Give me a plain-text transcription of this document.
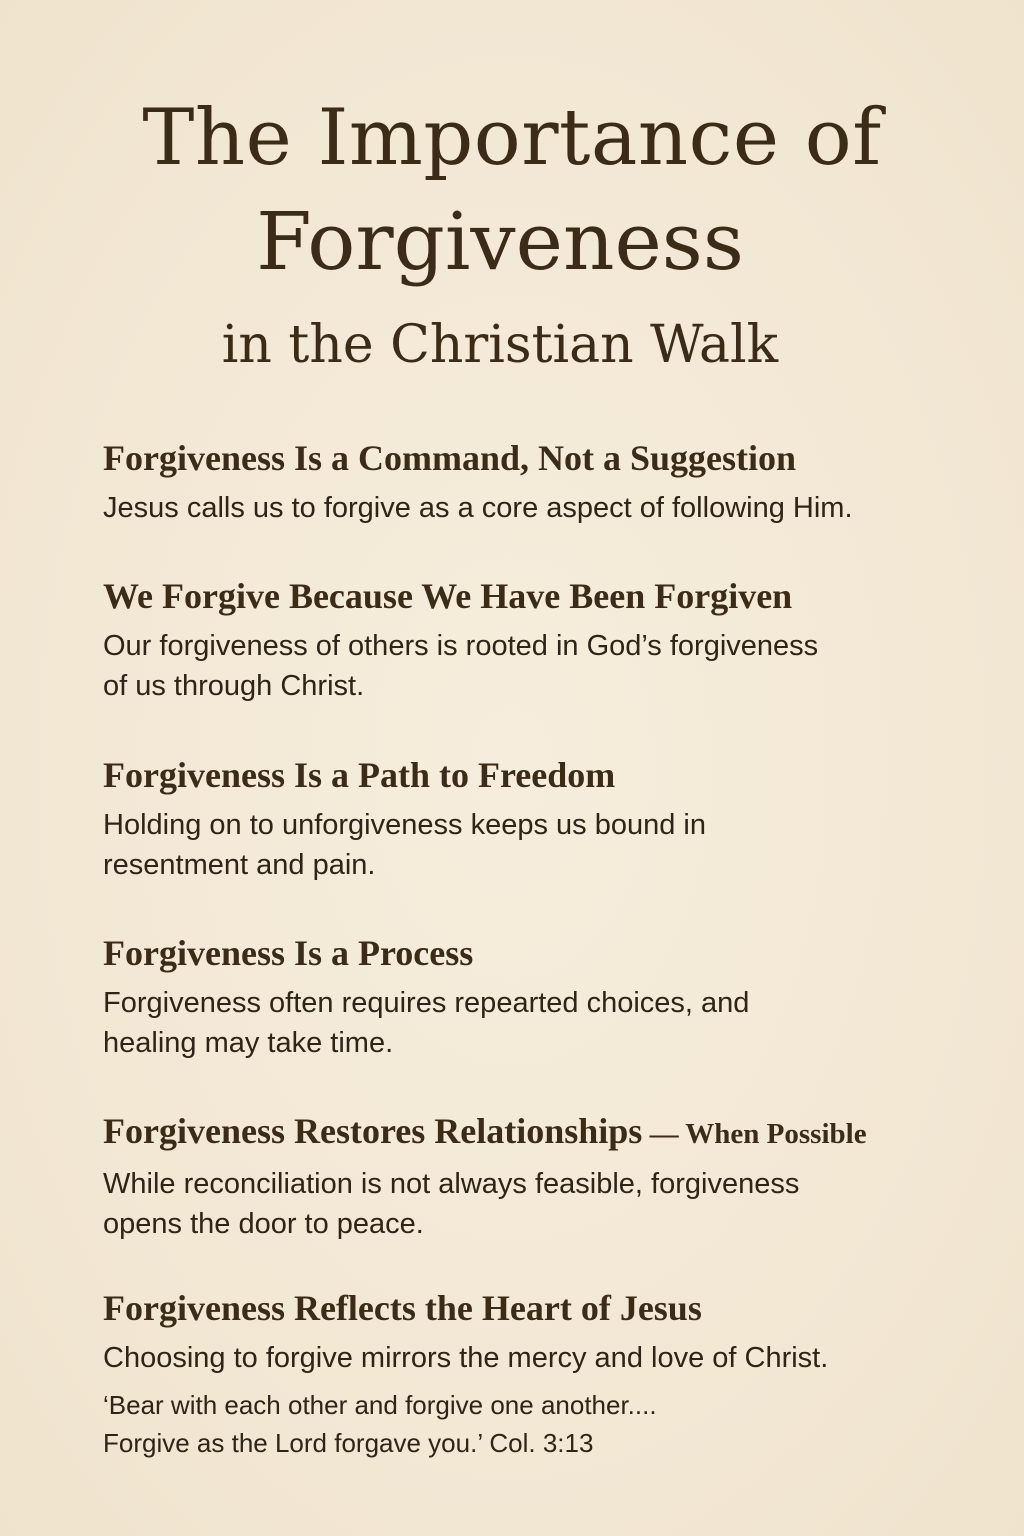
The Importance of
Forgiveness
in the Christian Walk
Forgiveness Is a Command, Not a Suggestion
Jesus calls us to forgive as a core aspect of following Him.
We Forgive Because We Have Been Forgiven
Our forgiveness of others is rooted in God’s forgiveness
of us through Christ.
Forgiveness Is a Path to Freedom
Holding on to unforgiveness keeps us bound in
resentment and pain.
Forgiveness Is a Process
Forgiveness often requires repearted choices, and
healing may take time.
Forgiveness Restores Relationships — When Possible
While reconciliation is not always feasible, forgiveness
opens the door to peace.
Forgiveness Reflects the Heart of Jesus
Choosing to forgive mirrors the mercy and love of Christ.
‘Bear with each other and forgive one another....
Forgive as the Lord forgave you.’ Col. 3:13
